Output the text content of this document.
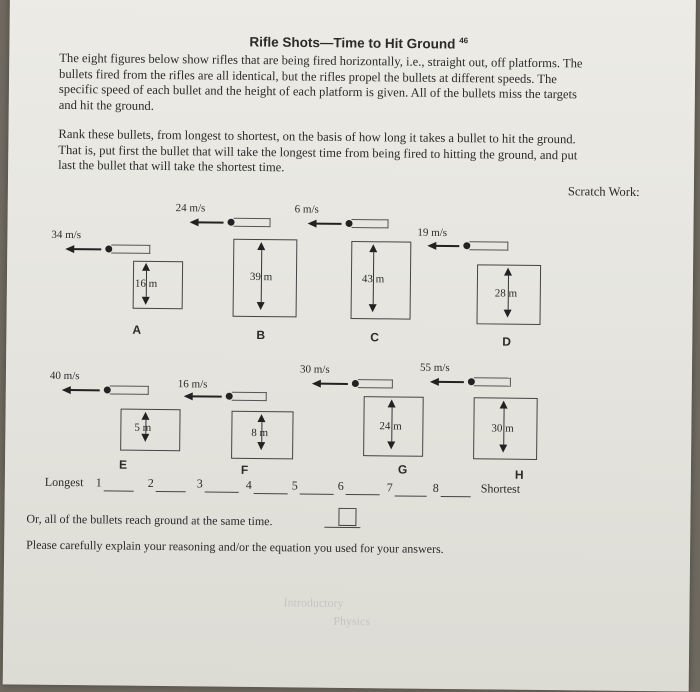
Rifle Shots—Time to Hit Ground $^{46}$
The eight figures below show rifles that are being fired horizontally, i.e., straight out, off platforms. The
bullets fired from the rifles are all identical, but the rifles propel the bullets at different speeds. The
specific speed of each bullet and the height of each platform is given. All of the bullets miss the targets
and hit the ground.
Rank these bullets, from longest to shortest, on the basis of how long it takes a bullet to hit the ground.
That is, put first the bullet that will take the longest time from being fired to hitting the ground, and put
last the bullet that will take the shortest time.
Scratch Work:
34 m/s
16 m
A
24 m/s
39 m
B
6 m/s
43 m
C
19 m/s
28 m
D
40 m/s
5 m
E
16 m/s
8 m
F
30 m/s
24 m
G
55 m/s
30 m
H
Longest 1	2	3	4	5	6	7	8	Shortest
Or, all of the bullets reach ground at the same time.
Please carefully explain your reasoning and/or the equation you used for your answers.
Introductory
Physics
